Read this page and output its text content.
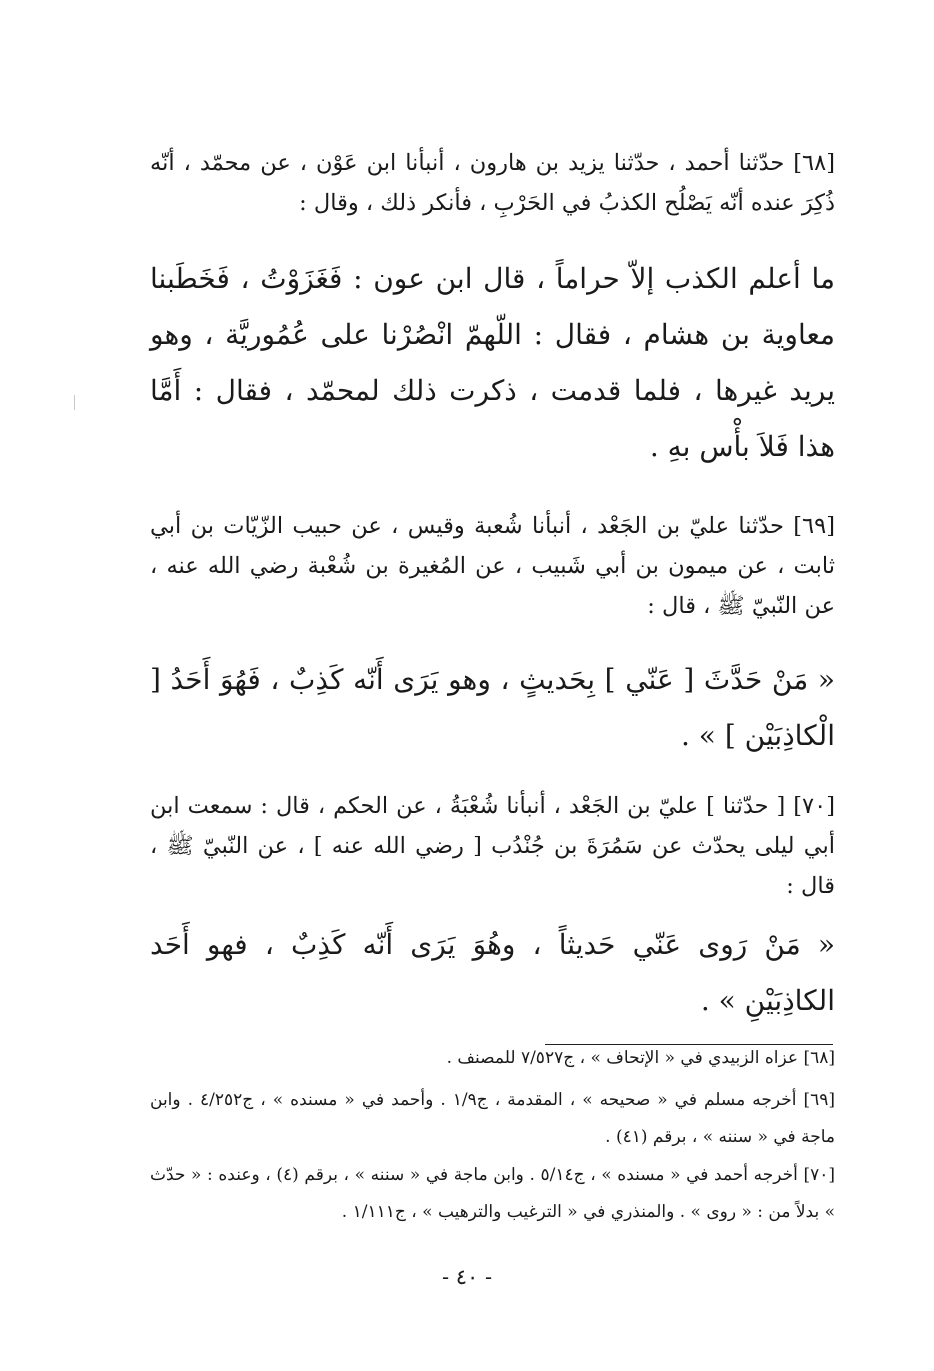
[٦٨] حدّثنا أحمد ، حدّثنا يزيد بن هارون ، أنبأنا ابن عَوْن ، عن محمّد ، أنّه ذُكِرَ عنده أنّه يَصْلُح الكذبُ في الحَرْبِ ، فأنكر ذلك ، وقال :

ما أعلم الكذب إلاّ حراماً ، قال ابن عون : فَغَزَوْتُ ، فَخَطَبنا معاوية بن هشام ، فقال : اللّهمّ انْصُرْنا على عُمُوريَّة ، وهو يريد غيرها ، فلما قدمت ، ذكرت ذلك لمحمّد ، فقال : أَمَّا هذا فَلاَ بأْس بهِ .

[٦٩] حدّثنا عليّ بن الجَعْد ، أنبأنا شُعبة وقيس ، عن حبيب الزّيّات بن أبي ثابت ، عن ميمون بن أبي شَبيب ، عن المُغيرة بن شُعْبة رضي الله عنه ، عن النّبيّ ﷺ ، قال :

« مَنْ حَدَّثَ [ عَنّي ] بِحَديثٍ ، وهو يَرَى أَنّه كَذِبٌ ، فَهُوَ أَحَدُ [ الْكاذِبَيْن ] » .

[٧٠] [ حدّثنا ] عليّ بن الجَعْد ، أنبأنا شُعْبَةُ ، عن الحكم ، قال : سمعت ابن أبي ليلى يحدّث عن سَمُرَةَ بن جُنْدُب [ رضي الله عنه ] ، عن النّبيّ ﷺ ، قال :

« مَنْ رَوى عَنّي حَديثاً ، وهُوَ يَرَى أَنّه كَذِبٌ ، فهو أَحَد الكاذِبَيْنِ » .

[٦٨] عزاه الزبيدي في « الإتحاف » ، ج٧/٥٢٧ للمصنف .

[٦٩] أخرجه مسلم في « صحيحه » ، المقدمة ، ج١/٩ . وأحمد في « مسنده » ، ج٤/٢٥٢ . وابن ماجة في « سننه » ، برقم (٤١) .

[٧٠] أخرجه أحمد في « مسنده » ، ج٥/١٤ . وابن ماجة في « سننه » ، برقم (٤) ، وعنده : « حدّث » بدلاً من : « روى » . والمنذري في « الترغيب والترهيب » ، ج١/١١١ .

- ٤٠ -
